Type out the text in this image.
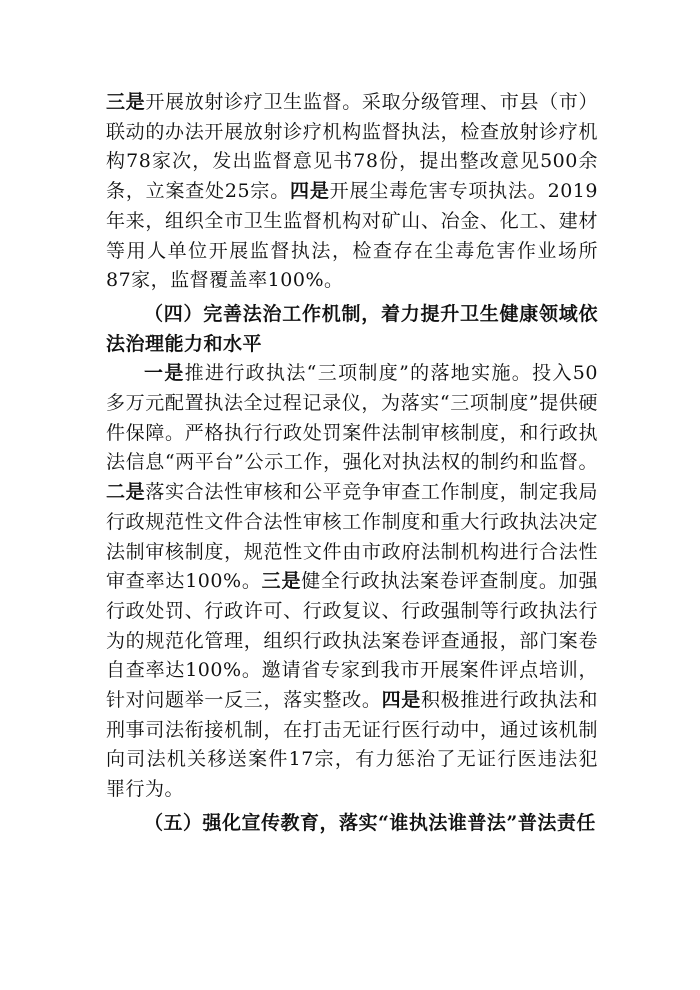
三是开展放射诊疗卫生监督。采取分级管理、市县（市）联动的办法开展放射诊疗机构监督执法，检查放射诊疗机构78家次，发出监督意见书78份，提出整改意见500余条，立案查处25宗。四是开展尘毒危害专项执法。2019年来，组织全市卫生监督机构对矿山、冶金、化工、建材等用人单位开展监督执法，检查存在尘毒危害作业场所87家，监督覆盖率100%。

（四）完善法治工作机制，着力提升卫生健康领域依法治理能力和水平

一是推进行政执法“三项制度”的落地实施。投入50多万元配置执法全过程记录仪，为落实“三项制度”提供硬件保障。严格执行行政处罚案件法制审核制度，和行政执法信息“两平台”公示工作，强化对执法权的制约和监督。二是落实合法性审核和公平竞争审查工作制度，制定我局行政规范性文件合法性审核工作制度和重大行政执法决定法制审核制度，规范性文件由市政府法制机构进行合法性审查率达100%。三是健全行政执法案卷评查制度。加强行政处罚、行政许可、行政复议、行政强制等行政执法行为的规范化管理，组织行政执法案卷评查通报，部门案卷自查率达100%。邀请省专家到我市开展案件评点培训，针对问题举一反三，落实整改。四是积极推进行政执法和刑事司法衔接机制，在打击无证行医行动中，通过该机制向司法机关移送案件17宗，有力惩治了无证行医违法犯罪行为。

（五）强化宣传教育，落实“谁执法谁普法”普法责任
